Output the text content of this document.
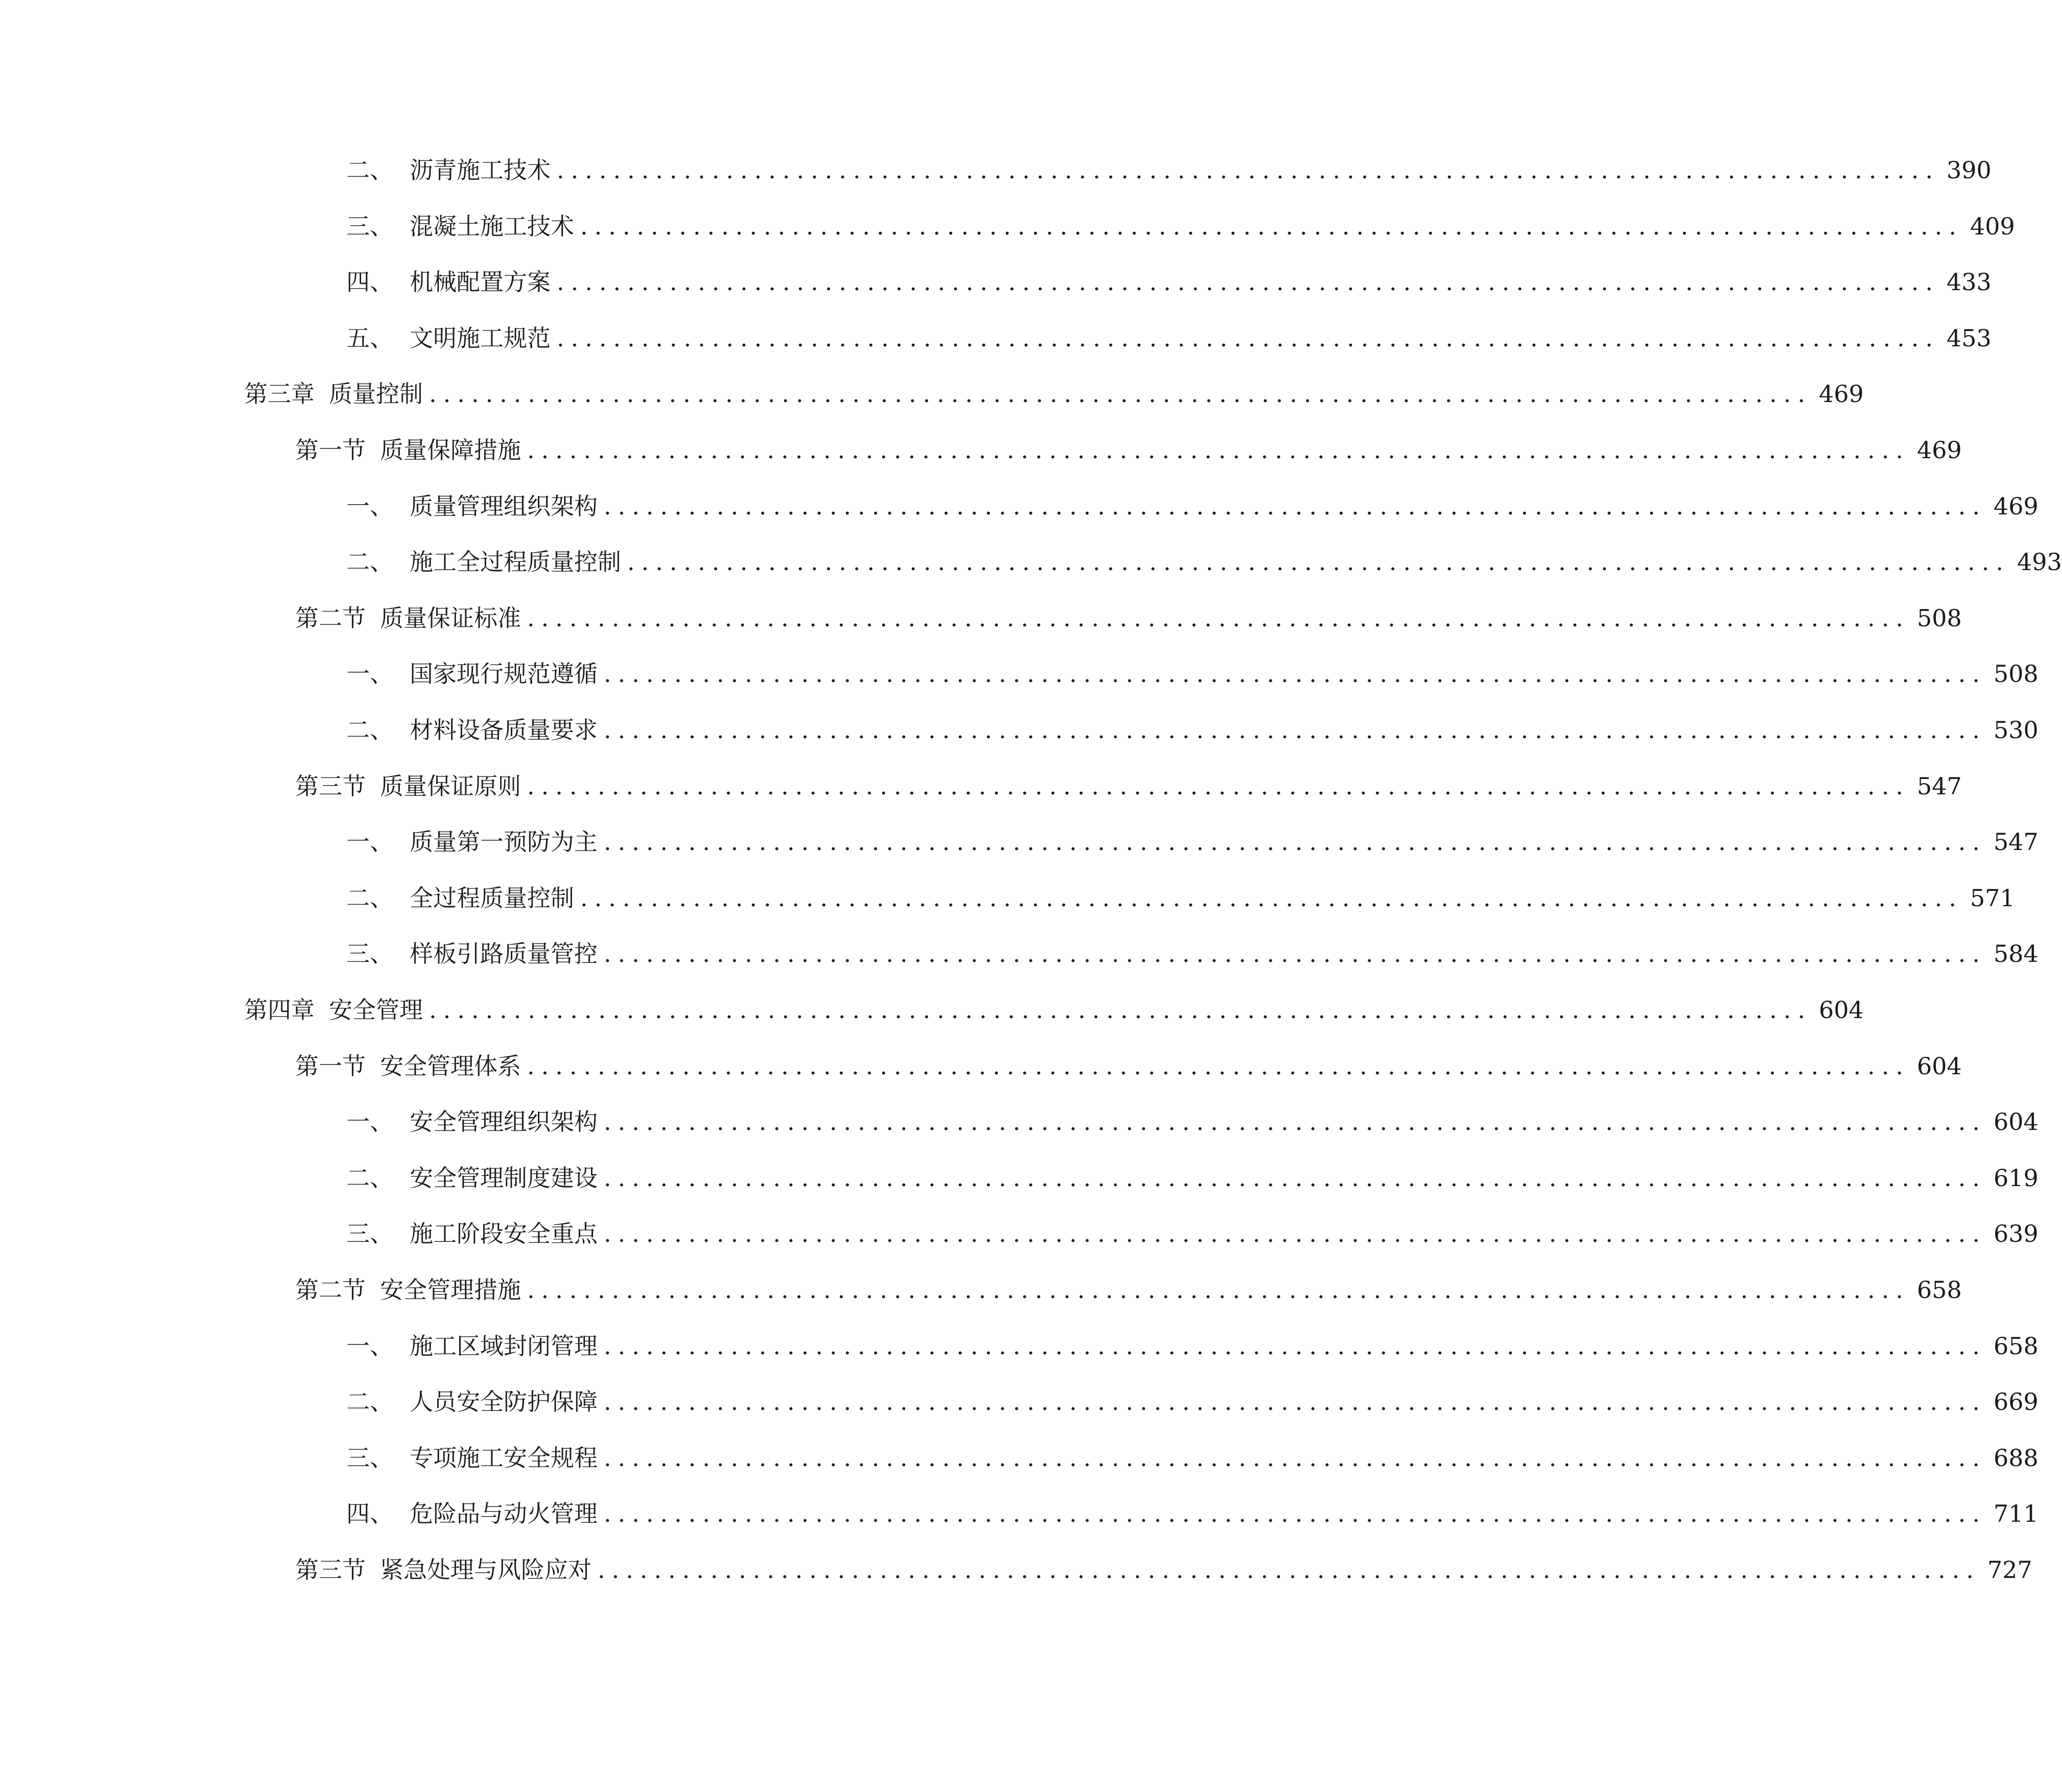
二、 沥青施工技术 .................................................................................................. 390
三、 混凝土施工技术 .................................................................................................. 409
四、 机械配置方案 .................................................................................................. 433
五、 文明施工规范 .................................................................................................. 453
第三章 质量控制 .................................................................................................. 469
第一节 质量保障措施 .................................................................................................. 469
一、 质量管理组织架构 .................................................................................................. 469
二、 施工全过程质量控制 .................................................................................................. 493
第二节 质量保证标准 .................................................................................................. 508
一、 国家现行规范遵循 .................................................................................................. 508
二、 材料设备质量要求 .................................................................................................. 530
第三节 质量保证原则 .................................................................................................. 547
一、 质量第一预防为主 .................................................................................................. 547
二、 全过程质量控制 .................................................................................................. 571
三、 样板引路质量管控 .................................................................................................. 584
第四章 安全管理 .................................................................................................. 604
第一节 安全管理体系 .................................................................................................. 604
一、 安全管理组织架构 .................................................................................................. 604
二、 安全管理制度建设 .................................................................................................. 619
三、 施工阶段安全重点 .................................................................................................. 639
第二节 安全管理措施 .................................................................................................. 658
一、 施工区域封闭管理 .................................................................................................. 658
二、 人员安全防护保障 .................................................................................................. 669
三、 专项施工安全规程 .................................................................................................. 688
四、 危险品与动火管理 .................................................................................................. 711
第三节 紧急处理与风险应对 .................................................................................................. 727
